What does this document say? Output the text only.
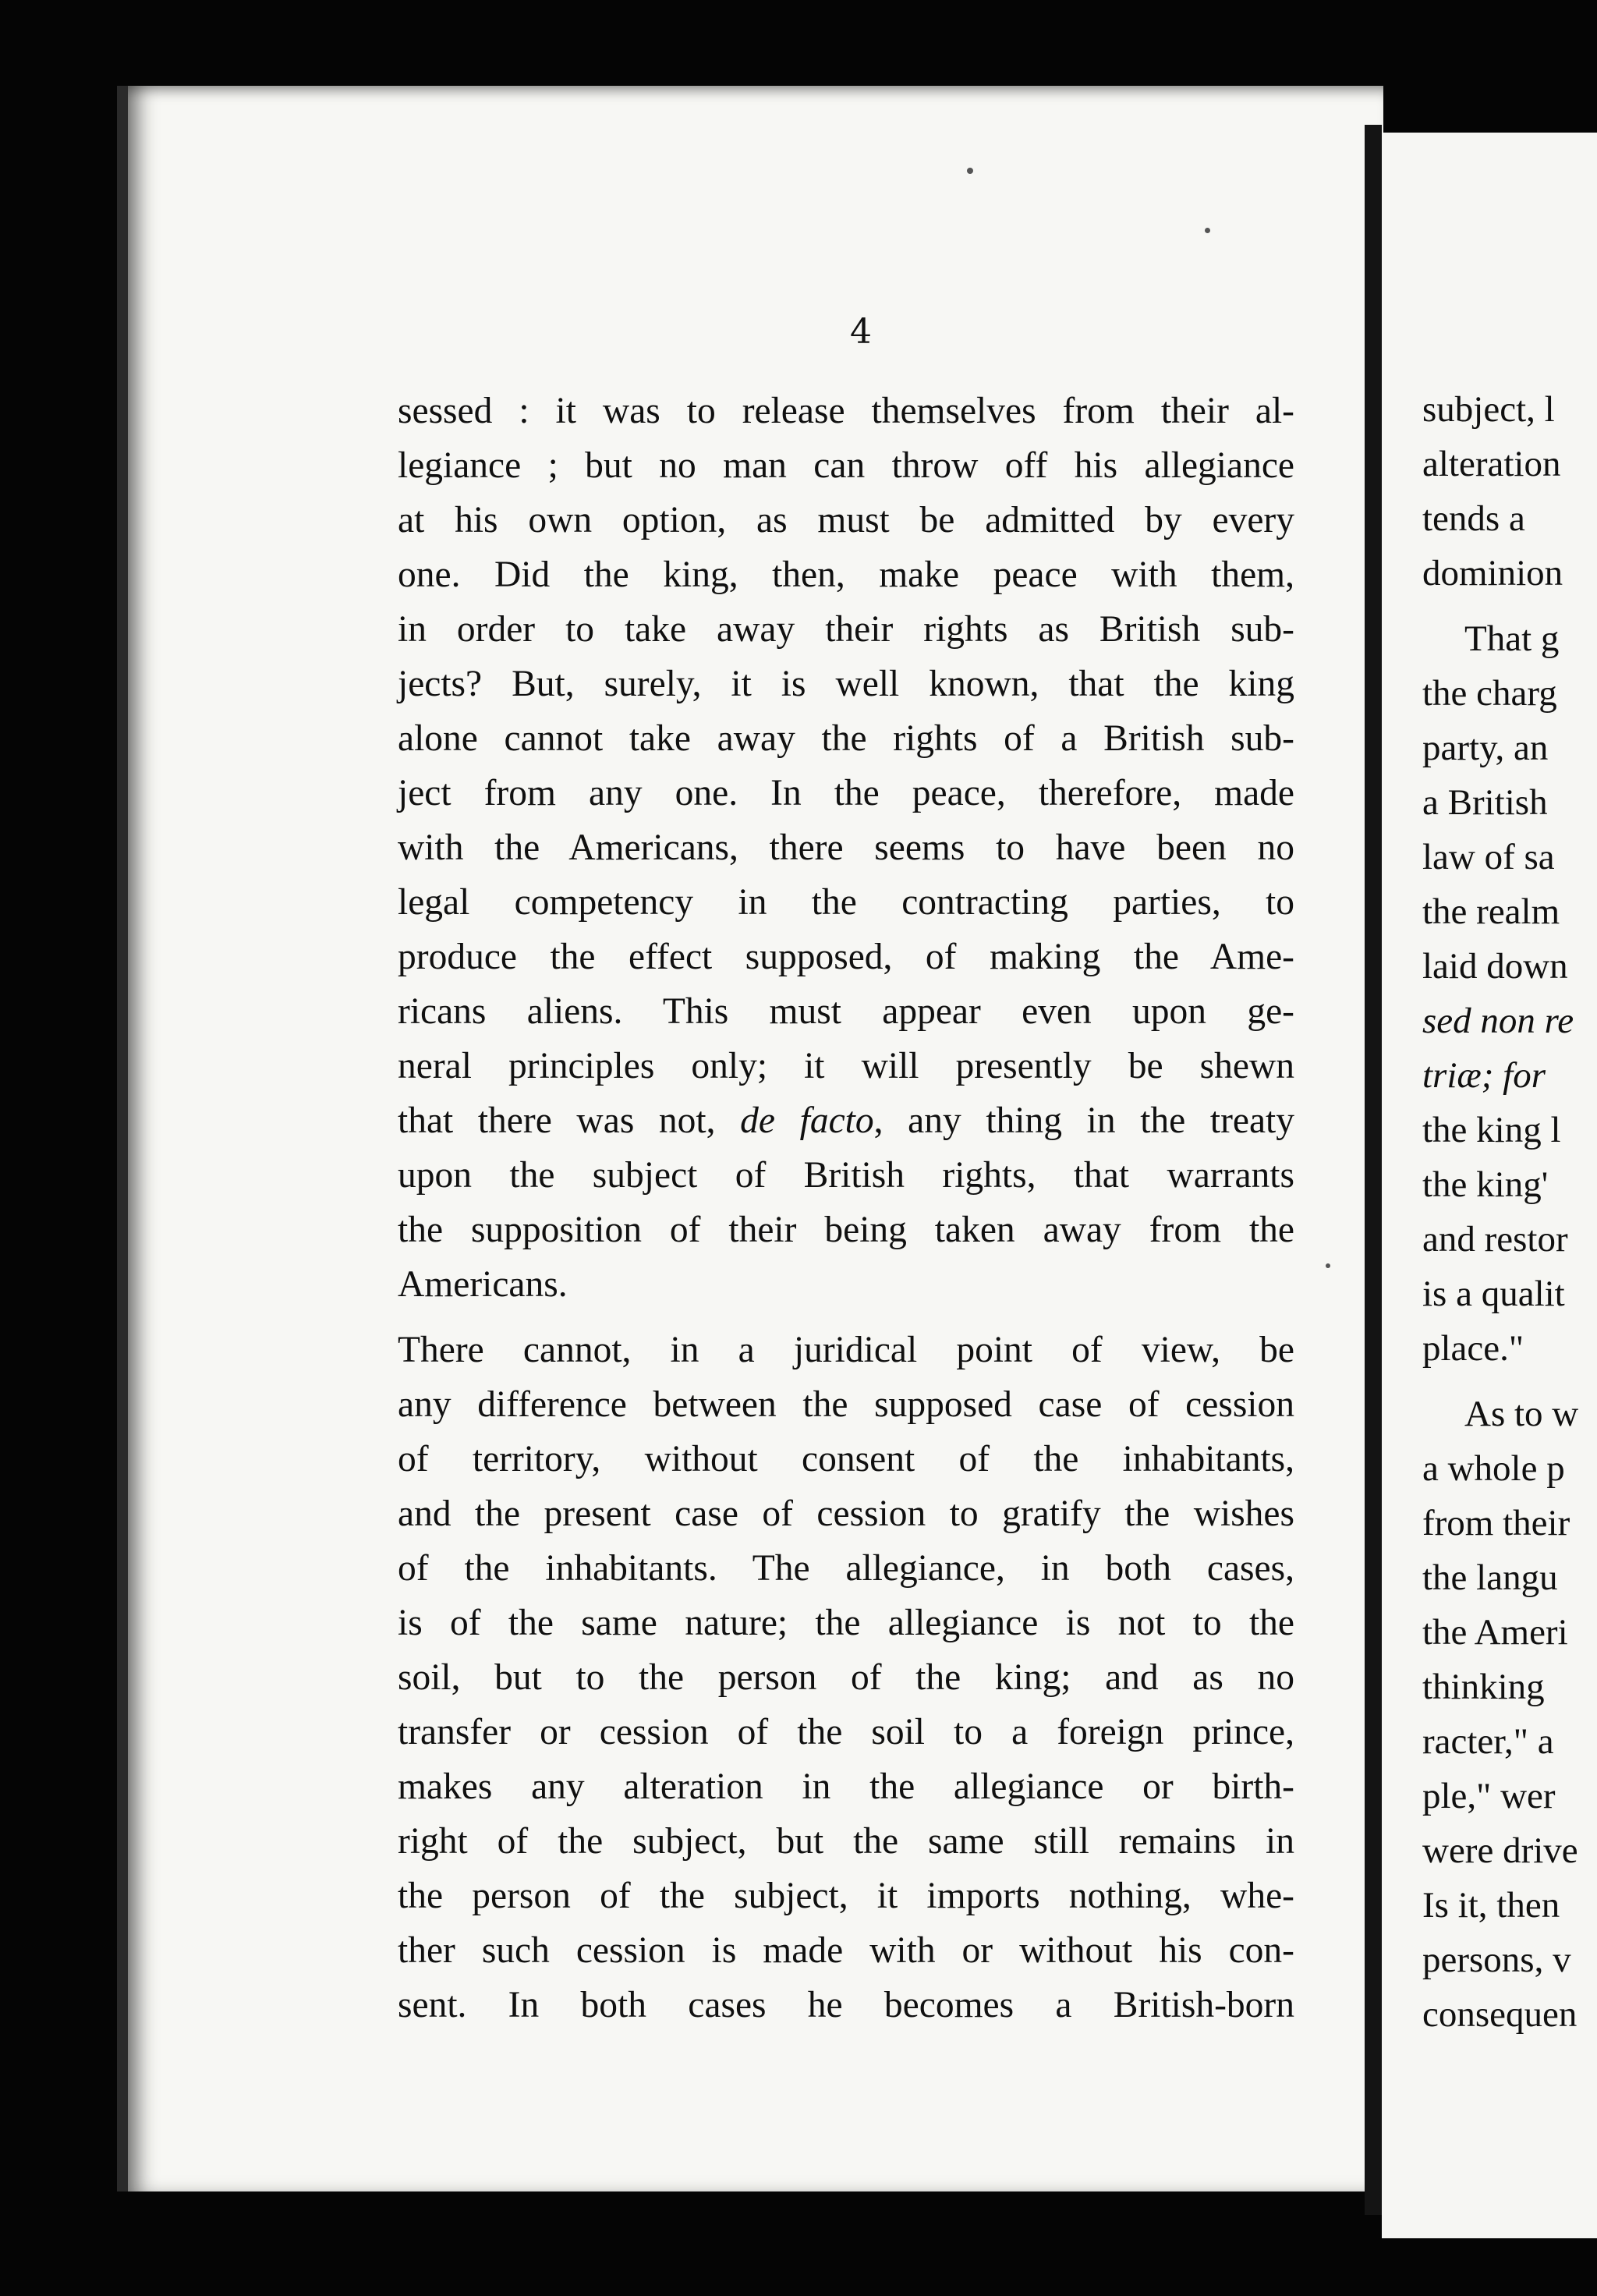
subject, l
alteration
tends a
dominion
That g
the charg
party, an
a British
law of sa
the realm
laid down
sed non re
triæ; for
the king l
the king'
and restor
is a qualit
place."
As to w
a whole p
from their
the langu
the Ameri
thinking
racter," a
ple," wer
were drive
Is it, then
persons, v
consequen
4
sessed : it was to release themselves from their al-
legiance ; but no man can throw off his allegiance
at his own option, as must be admitted by every
one. Did the king, then, make peace with them,
in order to take away their rights as British sub-
jects? But, surely, it is well known, that the king
alone cannot take away the rights of a British sub-
ject from any one. In the peace, therefore, made
with the Americans, there seems to have been no
legal competency in the contracting parties, to
produce the effect supposed, of making the Ame-
ricans aliens. This must appear even upon ge-
neral principles only; it will presently be shewn
that there was not, de facto, any thing in the treaty
upon the subject of British rights, that warrants
the supposition of their being taken away from the
Americans.
There cannot, in a juridical point of view, be
any difference between the supposed case of cession
of territory, without consent of the inhabitants,
and the present case of cession to gratify the wishes
of the inhabitants. The allegiance, in both cases,
is of the same nature; the allegiance is not to the
soil, but to the person of the king; and as no
transfer or cession of the soil to a foreign prince,
makes any alteration in the allegiance or birth-
right of the subject, but the same still remains in
the person of the subject, it imports nothing, whe-
ther such cession is made with or without his con-
sent. In both cases he becomes a British-born
